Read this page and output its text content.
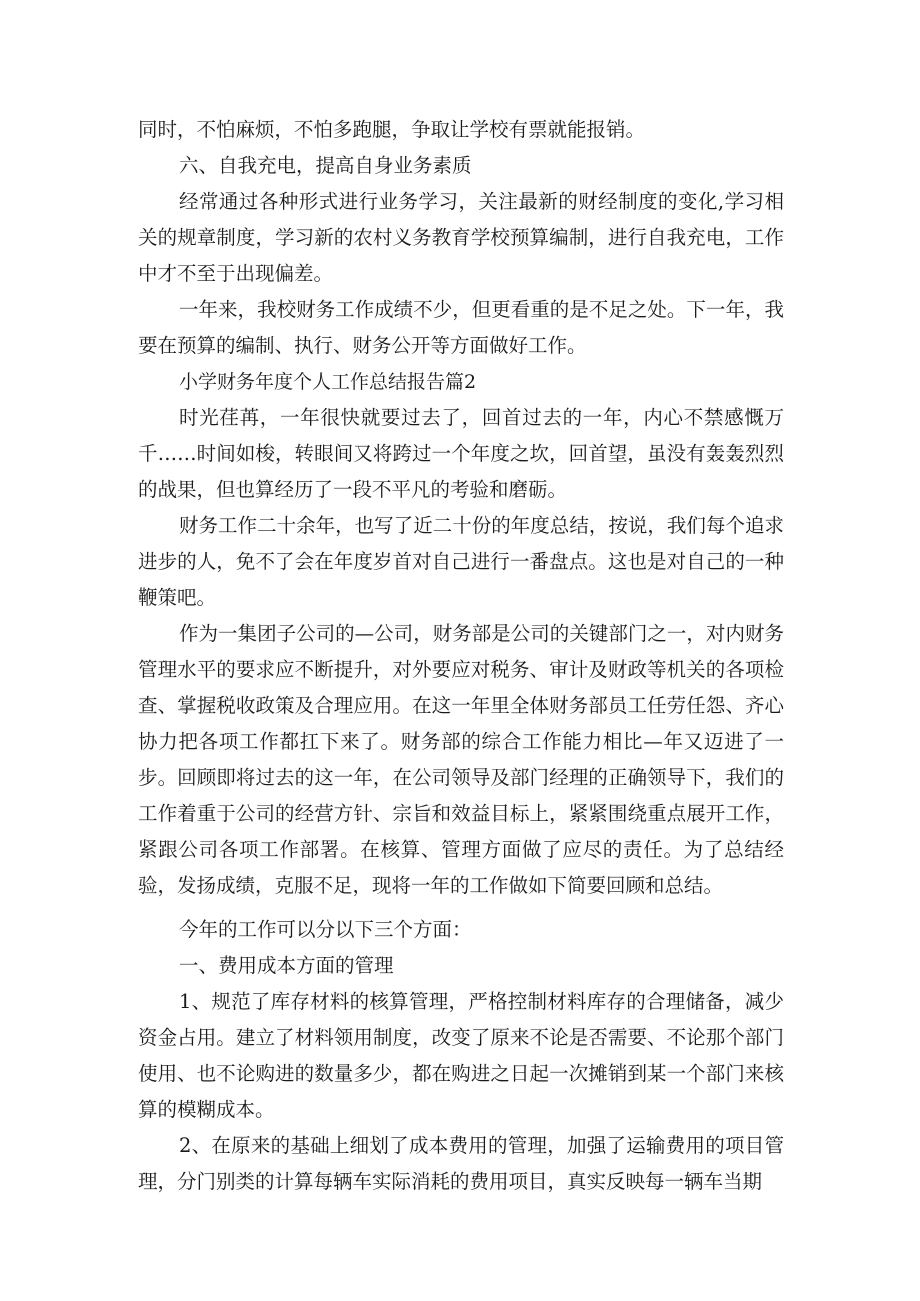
同时，不怕麻烦，不怕多跑腿，争取让学校有票就能报销。

六、自我充电，提高自身业务素质

经常通过各种形式进行业务学习，关注最新的财经制度的变化,学习相关的规章制度，学习新的农村义务教育学校预算编制，进行自我充电，工作中才不至于出现偏差。

一年来，我校财务工作成绩不少，但更看重的是不足之处。下一年，我要在预算的编制、执行、财务公开等方面做好工作。

小学财务年度个人工作总结报告篇2

时光荏苒，一年很快就要过去了，回首过去的一年，内心不禁感慨万千……时间如梭，转眼间又将跨过一个年度之坎，回首望，虽没有轰轰烈烈的战果，但也算经历了一段不平凡的考验和磨砺。

财务工作二十余年，也写了近二十份的年度总结，按说，我们每个追求进步的人，免不了会在年度岁首对自己进行一番盘点。这也是对自己的一种鞭策吧。

作为一集团子公司的—公司，财务部是公司的关键部门之一，对内财务管理水平的要求应不断提升，对外要应对税务、审计及财政等机关的各项检查、掌握税收政策及合理应用。在这一年里全体财务部员工任劳任怨、齐心协力把各项工作都扛下来了。财务部的综合工作能力相比—年又迈进了一步。回顾即将过去的这一年，在公司领导及部门经理的正确领导下，我们的工作着重于公司的经营方针、宗旨和效益目标上，紧紧围绕重点展开工作，紧跟公司各项工作部署。在核算、管理方面做了应尽的责任。为了总结经验，发扬成绩，克服不足，现将一年的工作做如下简要回顾和总结。

今年的工作可以分以下三个方面：

一、费用成本方面的管理

1、规范了库存材料的核算管理，严格控制材料库存的合理储备，减少资金占用。建立了材料领用制度，改变了原来不论是否需要、不论那个部门使用、也不论购进的数量多少，都在购进之日起一次摊销到某一个部门来核算的模糊成本。

2、在原来的基础上细划了成本费用的管理，加强了运输费用的项目管理，分门别类的计算每辆车实际消耗的费用项目，真实反映每一辆车当期
